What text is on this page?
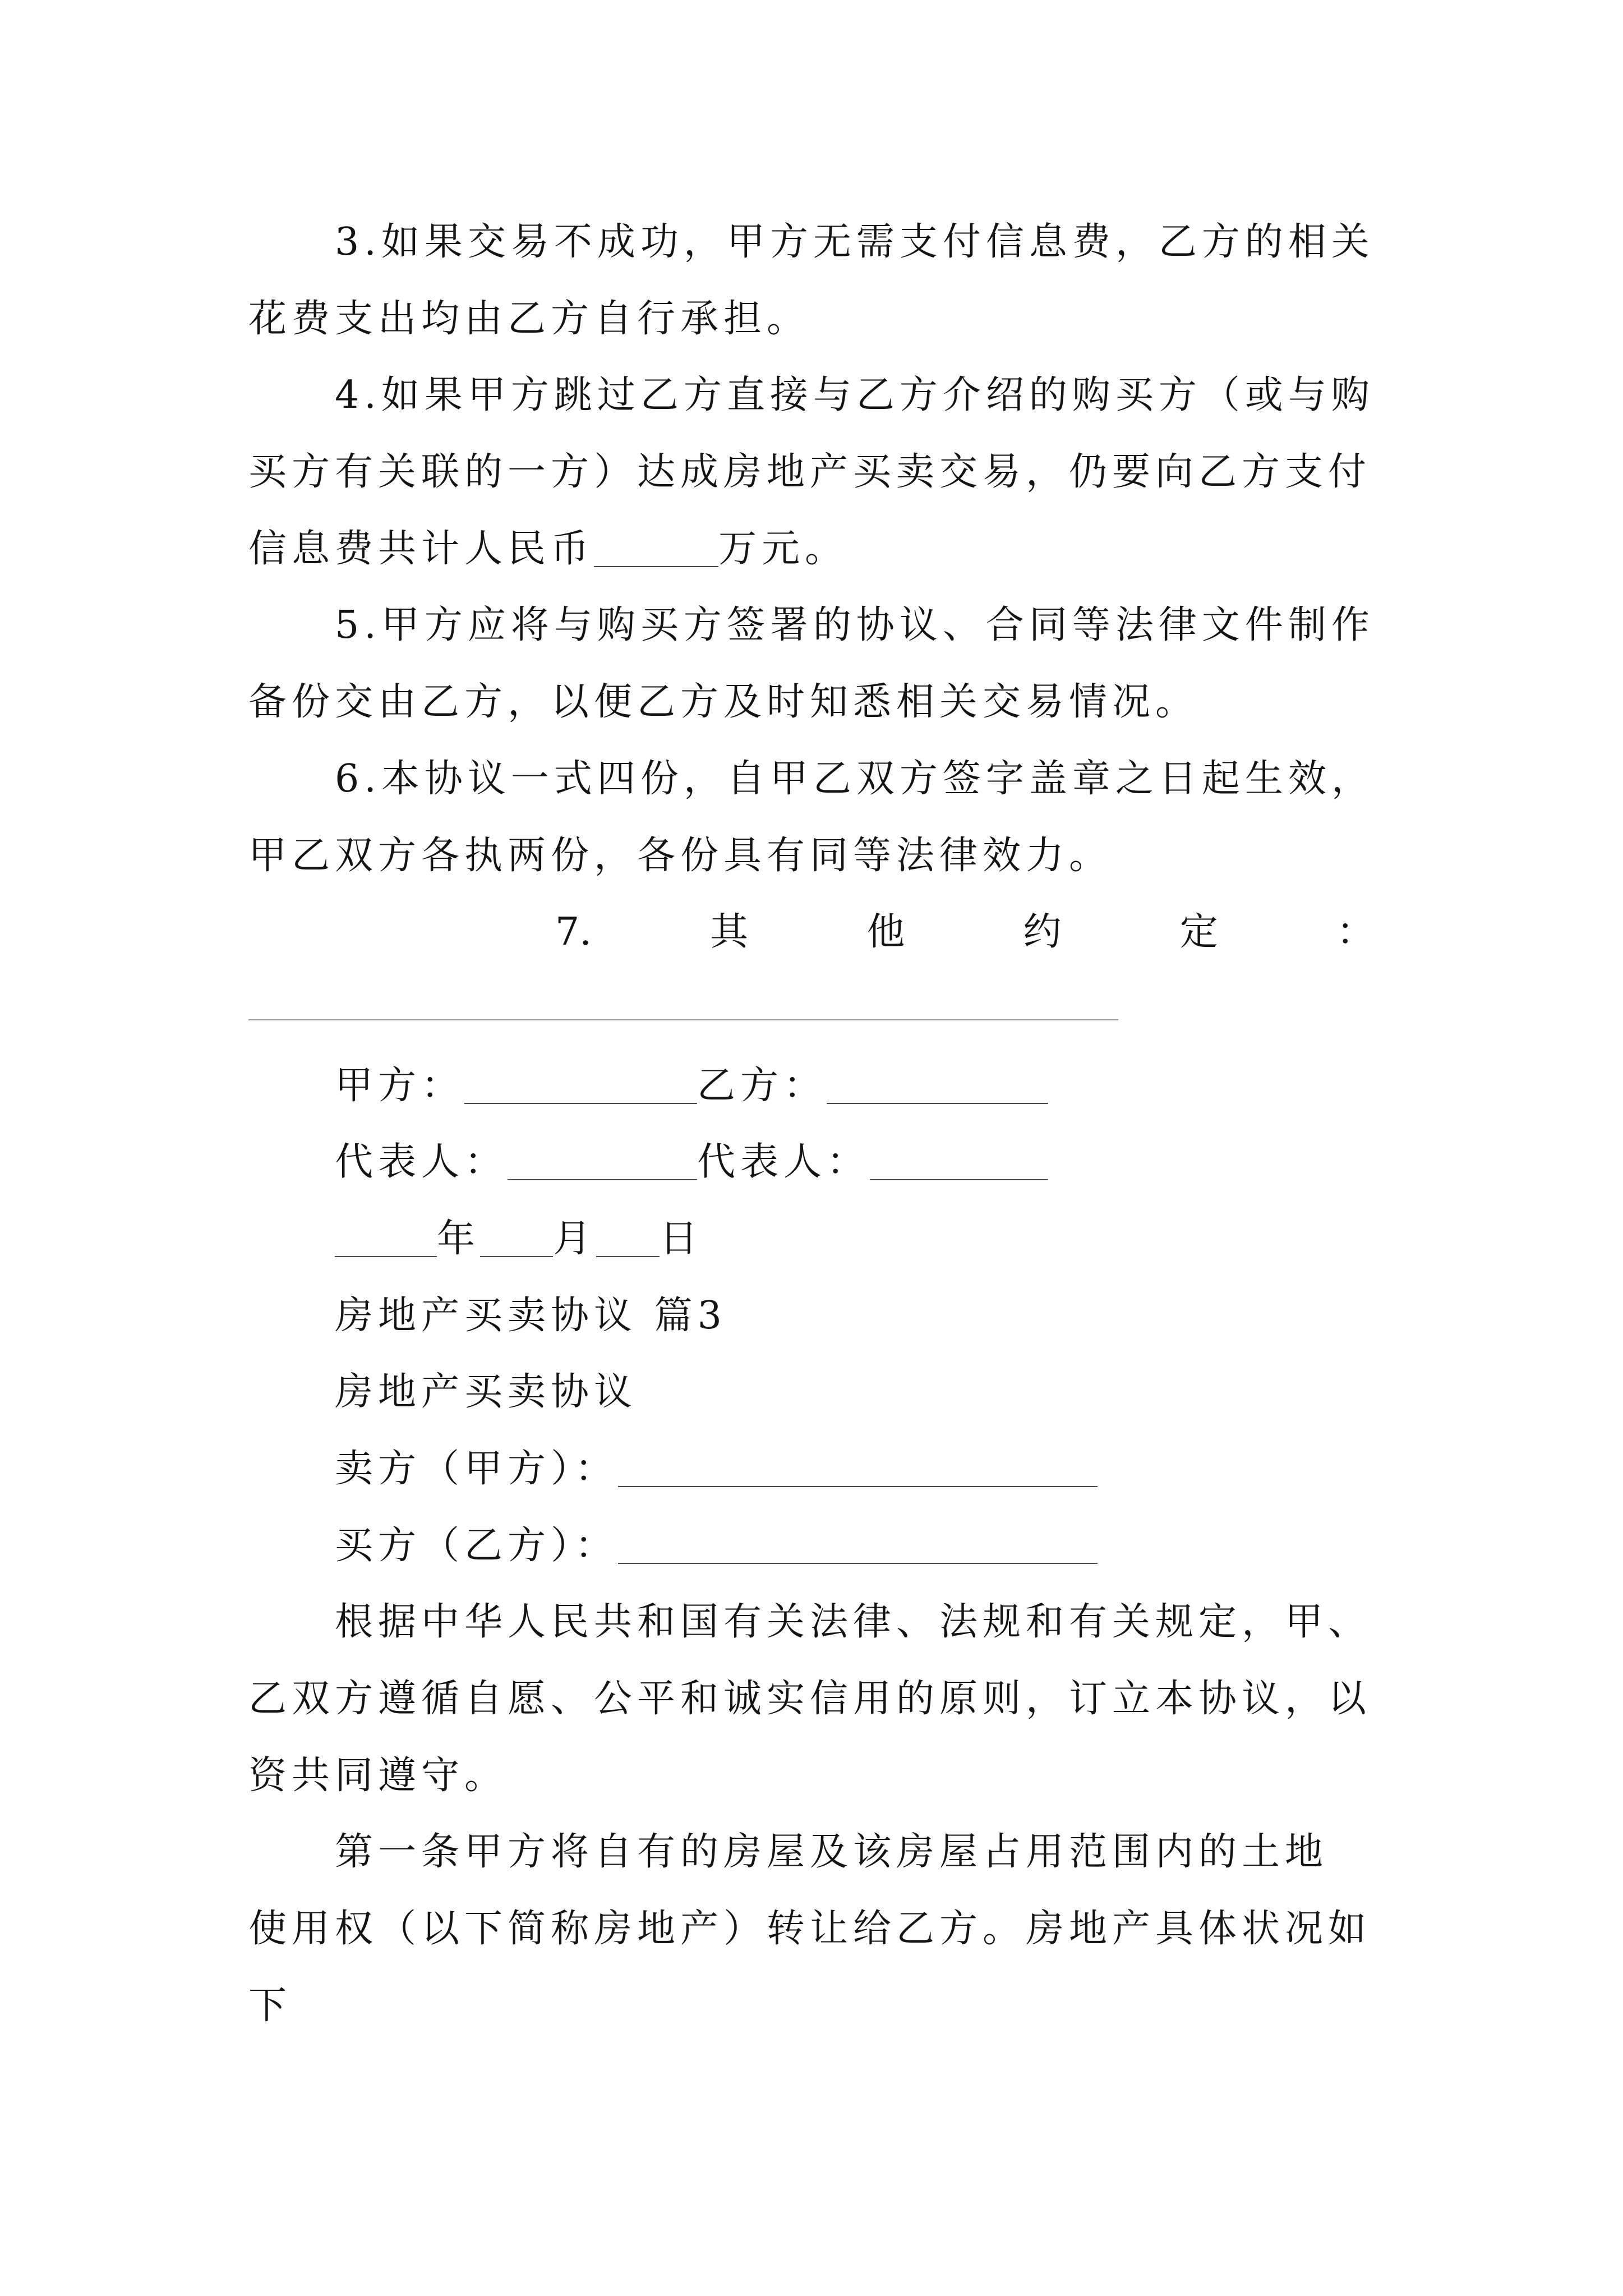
3.如果交易不成功，甲方无需支付信息费，乙方的相关
花费支出均由乙方自行承担。
4.如果甲方跳过乙方直接与乙方介绍的购买方（或与购
买方有关联的一方）达成房地产买卖交易，仍要向乙方支付
信息费共计人民币	万元。
5.甲方应将与购买方签署的协议、合同等法律文件制作
备份交由乙方，以便乙方及时知悉相关交易情况。
6.本协议一式四份，自甲乙双方签字盖章之日起生效，
甲乙双方各执两份，各份具有同等法律效力。
7.	其	他	约	定	：
甲方：	乙方：
代表人：	代表人：
年 月 日
房地产买卖协议 篇3
房地产买卖协议
卖方（甲方）：
买方（乙方）：
根据中华人民共和国有关法律、法规和有关规定，甲、
乙双方遵循自愿、公平和诚实信用的原则，订立本协议，以
资共同遵守。
第一条甲方将自有的房屋及该房屋占用范围内的土地
使用权（以下简称房地产）转让给乙方。房地产具体状况如
下
